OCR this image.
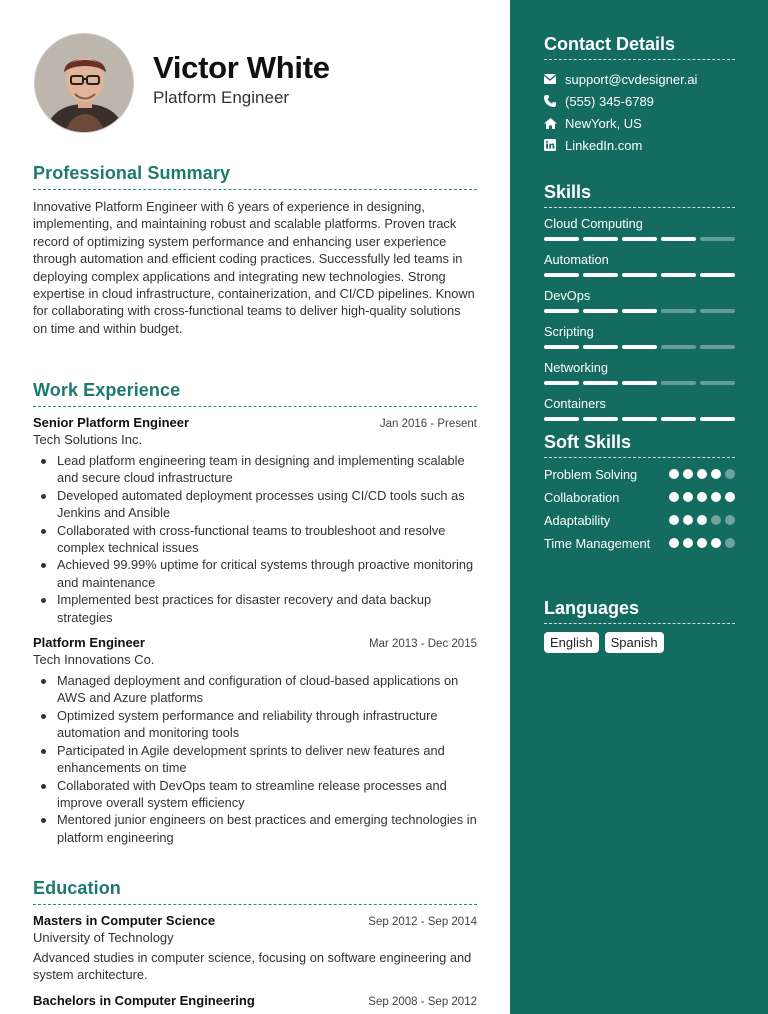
Victor White
Platform Engineer
Professional Summary
Innovative Platform Engineer with 6 years of experience in designing, implementing, and maintaining robust and scalable platforms. Proven track record of optimizing system performance and enhancing user experience through automation and efficient coding practices. Successfully led teams in deploying complex applications and integrating new technologies. Strong expertise in cloud infrastructure, containerization, and CI/CD pipelines. Known for collaborating with cross-functional teams to deliver high-quality solutions on time and within budget.
Work Experience
Senior Platform Engineer	Jan 2016 - Present
Tech Solutions Inc.
Lead platform engineering team in designing and implementing scalable and secure cloud infrastructure
Developed automated deployment processes using CI/CD tools such as Jenkins and Ansible
Collaborated with cross-functional teams to troubleshoot and resolve complex technical issues
Achieved 99.99% uptime for critical systems through proactive monitoring and maintenance
Implemented best practices for disaster recovery and data backup strategies
Platform Engineer	Mar 2013 - Dec 2015
Tech Innovations Co.
Managed deployment and configuration of cloud-based applications on AWS and Azure platforms
Optimized system performance and reliability through infrastructure automation and monitoring tools
Participated in Agile development sprints to deliver new features and enhancements on time
Collaborated with DevOps team to streamline release processes and improve overall system efficiency
Mentored junior engineers on best practices and emerging technologies in platform engineering
Education
Masters in Computer Science	Sep 2012 - Sep 2014
University of Technology
Advanced studies in computer science, focusing on software engineering and system architecture.
Bachelors in Computer Engineering	Sep 2008 - Sep 2012
Contact Details
support@cvdesigner.ai
(555) 345-6789
NewYork, US
LinkedIn.com
Skills
Cloud Computing
Automation
DevOps
Scripting
Networking
Containers
Soft Skills
Problem Solving
Collaboration
Adaptability
Time Management
Languages
English	Spanish
